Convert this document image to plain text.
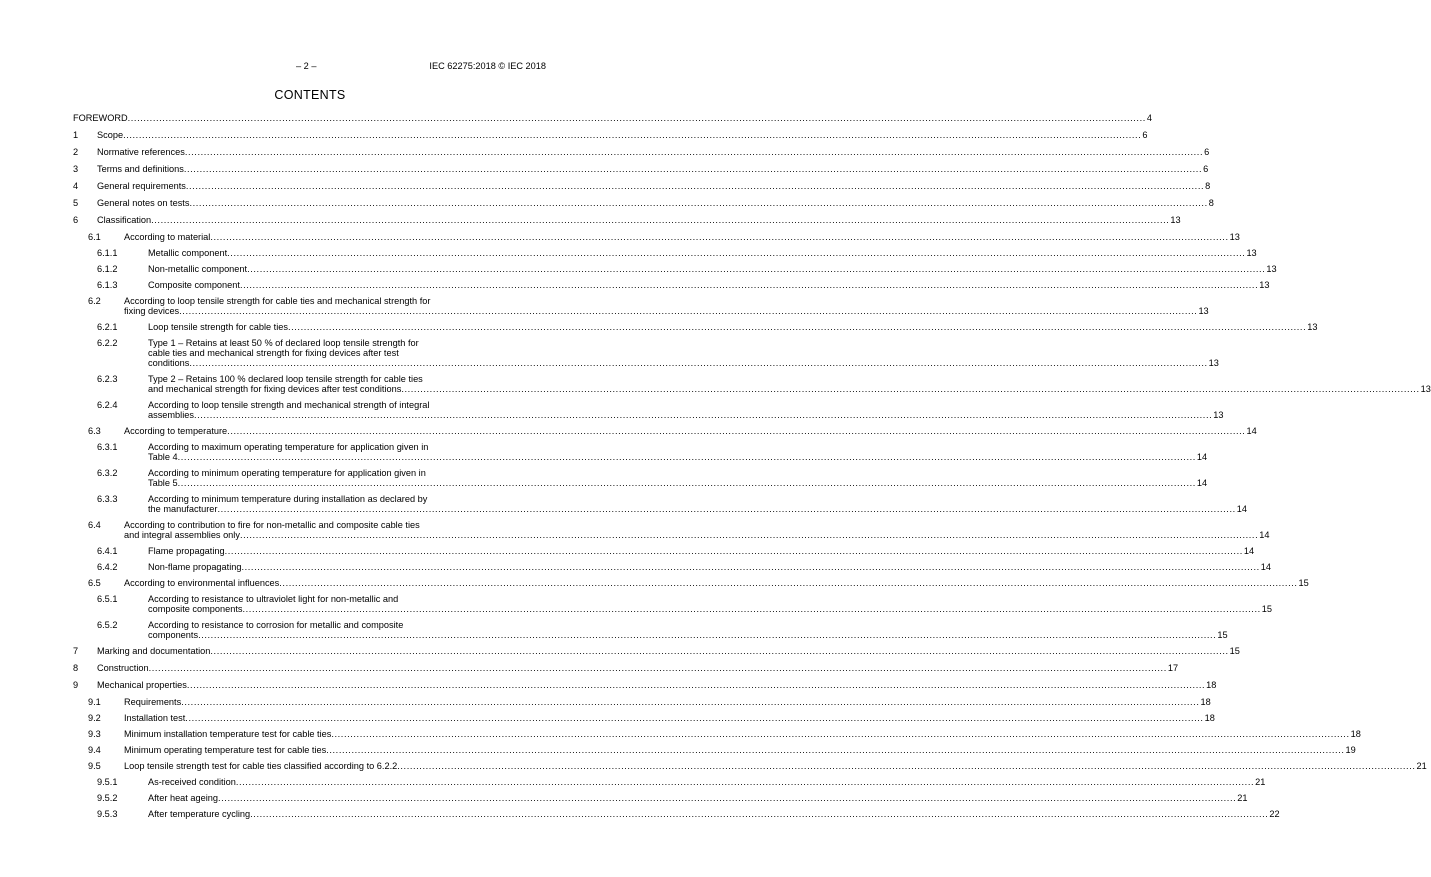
– 2 –	IEC 62275:2018 © IEC 2018
CONTENTS
FOREWORD .....	4
1 Scope .....	6
2 Normative references .....	6
3 Terms and definitions .....	6
4 General requirements .....	8
5 General notes on tests .....	8
6 Classification .....	13
6.1	According to material .....	13
6.1.1	Metallic component .....	13
6.1.2	Non-metallic component .....	13
6.1.3	Composite component .....	13
6.2	According to loop tensile strength for cable ties and mechanical strength for
fixing devices .....	13
6.2.1	Loop tensile strength for cable ties .....	13
6.2.2	Type 1 – Retains at least 50 % of declared loop tensile strength for
cable ties and mechanical strength for fixing devices after test
conditions .....	13
6.2.3	Type 2 – Retains 100 % declared loop tensile strength for cable ties
and mechanical strength for fixing devices after test conditions .....	13
6.2.4	According to loop tensile strength and mechanical strength of integral
assemblies .....	13
6.3	According to temperature .....	14
6.3.1	According to maximum operating temperature for application given in
Table 4 .....	14
6.3.2	According to minimum operating temperature for application given in
Table 5 .....	14
6.3.3	According to minimum temperature during installation as declared by
the manufacturer .....	14
6.4	According to contribution to fire for non-metallic and composite cable ties
and integral assemblies only .....	14
6.4.1	Flame propagating .....	14
6.4.2	Non-flame propagating .....	14
6.5	According to environmental influences .....	15
6.5.1	According to resistance to ultraviolet light for non-metallic and
composite components .....	15
6.5.2	According to resistance to corrosion for metallic and composite
components .....	15
7 Marking and documentation .....	15
8 Construction .....	17
9 Mechanical properties .....	18
9.1	Requirements .....	18
9.2	Installation test .....	18
9.3	Minimum installation temperature test for cable ties .....	18
9.4	Minimum operating temperature test for cable ties .....	19
9.5	Loop tensile strength test for cable ties classified according to 6.2.2 .....	21
9.5.1	As-received condition .....	21
9.5.2	After heat ageing .....	21
9.5.3	After temperature cycling .....	22
